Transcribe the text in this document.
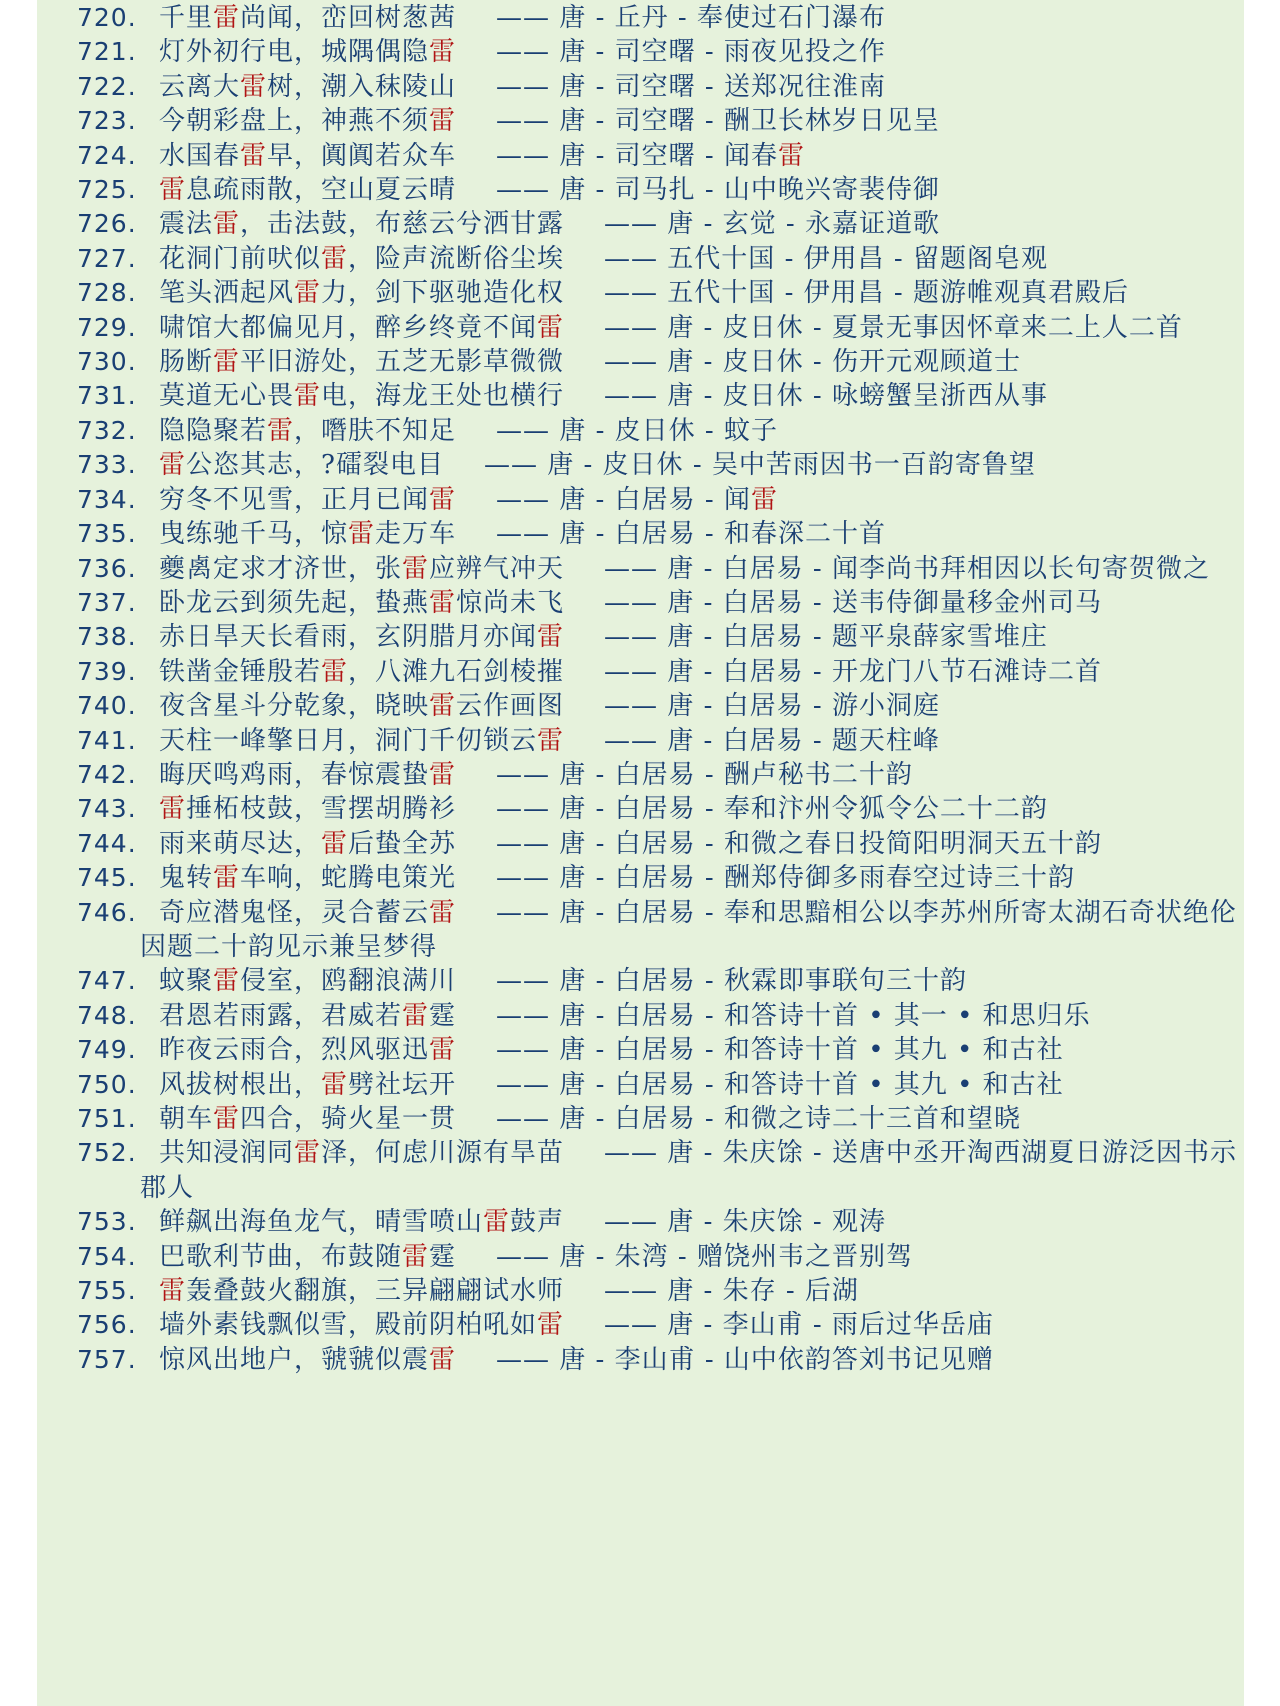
720. 千里雷尚闻，峦回树葱茜 —— 唐 - 丘丹 - 奉使过石门瀑布
721. 灯外初行电，城隅偶隐雷 —— 唐 - 司空曙 - 雨夜见投之作
722. 云离大雷树，潮入秣陵山 —— 唐 - 司空曙 - 送郑况往淮南
723. 今朝彩盘上，神燕不须雷 —— 唐 - 司空曙 - 酬卫长林岁日见呈
724. 水国春雷早，阗阗若众车 —— 唐 - 司空曙 - 闻春雷
725. 雷息疏雨散，空山夏云晴 —— 唐 - 司马扎 - 山中晚兴寄裴侍御
726. 震法雷，击法鼓，布慈云兮洒甘露 —— 唐 - 玄觉 - 永嘉证道歌
727. 花洞门前吠似雷，险声流断俗尘埃 —— 五代十国 - 伊用昌 - 留题阁皂观
728. 笔头洒起风雷力，剑下驱驰造化权 —— 五代十国 - 伊用昌 - 题游帷观真君殿后
729. 啸馆大都偏见月，醉乡终竟不闻雷 —— 唐 - 皮日休 - 夏景无事因怀章来二上人二首
730. 肠断雷平旧游处，五芝无影草微微 —— 唐 - 皮日休 - 伤开元观顾道士
731. 莫道无心畏雷电，海龙王处也横行 —— 唐 - 皮日休 - 咏螃蟹呈浙西从事
732. 隐隐聚若雷，噆肤不知足 —— 唐 - 皮日休 - 蚊子
733. 雷公恣其志，?礌裂电目 —— 唐 - 皮日休 - 吴中苦雨因书一百韵寄鲁望
734. 穷冬不见雪，正月已闻雷 —— 唐 - 白居易 - 闻雷
735. 曳练驰千马，惊雷走万车 —— 唐 - 白居易 - 和春深二十首
736. 夔禼定求才济世，张雷应辨气冲天 —— 唐 - 白居易 - 闻李尚书拜相因以长句寄贺微之
737. 卧龙云到须先起，蛰燕雷惊尚未飞 —— 唐 - 白居易 - 送韦侍御量移金州司马
738. 赤日旱天长看雨，玄阴腊月亦闻雷 —— 唐 - 白居易 - 题平泉薛家雪堆庄
739. 铁凿金锤殷若雷，八滩九石剑棱摧 —— 唐 - 白居易 - 开龙门八节石滩诗二首
740. 夜含星斗分乾象，晓映雷云作画图 —— 唐 - 白居易 - 游小洞庭
741. 天柱一峰擎日月，洞门千仞锁云雷 —— 唐 - 白居易 - 题天柱峰
742. 晦厌鸣鸡雨，春惊震蛰雷 —— 唐 - 白居易 - 酬卢秘书二十韵
743. 雷捶柘枝鼓，雪摆胡腾衫 —— 唐 - 白居易 - 奉和汴州令狐令公二十二韵
744. 雨来萌尽达，雷后蛰全苏 —— 唐 - 白居易 - 和微之春日投简阳明洞天五十韵
745. 鬼转雷车响，蛇腾电策光 —— 唐 - 白居易 - 酬郑侍御多雨春空过诗三十韵
746. 奇应潜鬼怪，灵合蓄云雷 —— 唐 - 白居易 - 奉和思黯相公以李苏州所寄太湖石奇状绝伦因题二十韵见示兼呈梦得
747. 蚊聚雷侵室，鸥翻浪满川 —— 唐 - 白居易 - 秋霖即事联句三十韵
748. 君恩若雨露，君威若雷霆 —— 唐 - 白居易 - 和答诗十首 • 其一 • 和思归乐
749. 昨夜云雨合，烈风驱迅雷 —— 唐 - 白居易 - 和答诗十首 • 其九 • 和古社
750. 风拔树根出，雷劈社坛开 —— 唐 - 白居易 - 和答诗十首 • 其九 • 和古社
751. 朝车雷四合，骑火星一贯 —— 唐 - 白居易 - 和微之诗二十三首和望晓
752. 共知浸润同雷泽，何虑川源有旱苗 —— 唐 - 朱庆馀 - 送唐中丞开淘西湖夏日游泛因书示郡人
753. 鲜飙出海鱼龙气，晴雪喷山雷鼓声 —— 唐 - 朱庆馀 - 观涛
754. 巴歌利节曲，布鼓随雷霆 —— 唐 - 朱湾 - 赠饶州韦之晋别驾
755. 雷轰叠鼓火翻旗，三异翩翩试水师 —— 唐 - 朱存 - 后湖
756. 墙外素钱飘似雪，殿前阴柏吼如雷 —— 唐 - 李山甫 - 雨后过华岳庙
757. 惊风出地户，虢虢似震雷 —— 唐 - 李山甫 - 山中依韵答刘书记见赠
